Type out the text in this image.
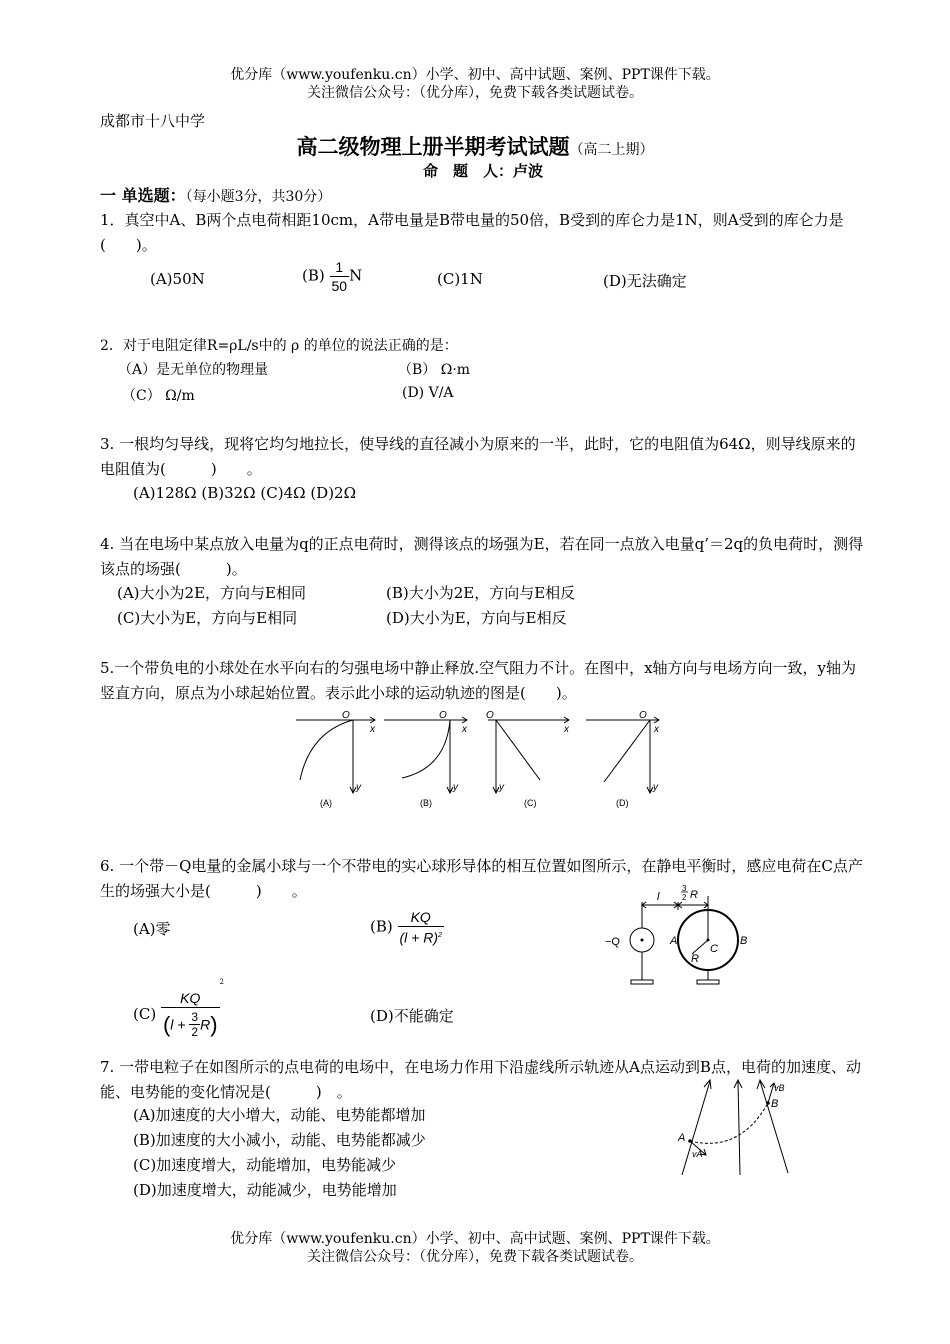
优分库（www.youfenku.cn）小学、初中、高中试题、案例、PPT课件下载。
关注微信公众号：（优分库），免费下载各类试题试卷。
成都市十八中学
高二级物理上册半期考试试题（高二上期）
命　题　人：卢波
一 单选题：（每小题3分，共30分）
1．真空中A、B两个点电荷相距10cm，A带电量是B带电量的50倍，B受到的库仑力是1N，则A受到的库仑力是(　　)。
(A)50N	$(B) \frac{1}{50}$ N	(C)1N	(D)无法确定
2．对于电阻定律R=ρL/s中的 ρ 的单位的说法正确的是：
（A）是无单位的物理量	（B） Ω·m
（C） Ω/m	(D) V/A
3. 一根均匀导线，现将它均匀地拉长，使导线的直径减小为原来的一半，此时，它的电阻值为64Ω，则导线原来的电阻值为(　　　)　　。
(A)128Ω (B)32Ω (C)4Ω (D)2Ω
4. 当在电场中某点放入电量为q的正点电荷时，测得该点的场强为E，若在同一点放入电量q’＝2q的负电荷时，测得该点的场强(　　　)。
(A)大小为2E，方向与E相同	(B)大小为2E，方向与E相反
(C)大小为E，方向与E相同	(D)大小为E，方向与E相反
5.一个带负电的小球处在水平向右的匀强电场中静止释放.空气阻力不计。在图中，x轴方向与电场方向一致，y轴为竖直方向，原点为小球起始位置。表示此小球的运动轨迹的图是(　　)。
O
x
y
O
x
y
O
x
y
O
x
y
(A)	(B)	(C)	(D)
6. 一个带－Q电量的金属小球与一个不带电的实心球形导体的相互位置如图所示，在静电平衡时，感应电荷在C点产生的场强大小是(　　　)　　。
(A)零	$(B) \frac{KQ}{(l + R)^2}$
$(C) \frac{KQ}{(l + \frac{3}{2} R)}$
$^2$
(D)不能确定
−Q
l
3
2 R
A	B
C
R
7. 一带电粒子在如图所示的点电荷的电场中，在电场力作用下沿虚线所示轨迹从A点运动到B点，电荷的加速度、动能、电势能的变化情况是(　　　)　。
(A)加速度的大小增大，动能、电势能都增加
(B)加速度的大小减小，动能、电势能都减少
(C)加速度增大，动能增加，电势能减少
(D)加速度增大，动能减少，电势能增加
A
B
vA
vB
优分库（www.youfenku.cn）小学、初中、高中试题、案例、PPT课件下载。
关注微信公众号：（优分库），免费下载各类试题试卷。
